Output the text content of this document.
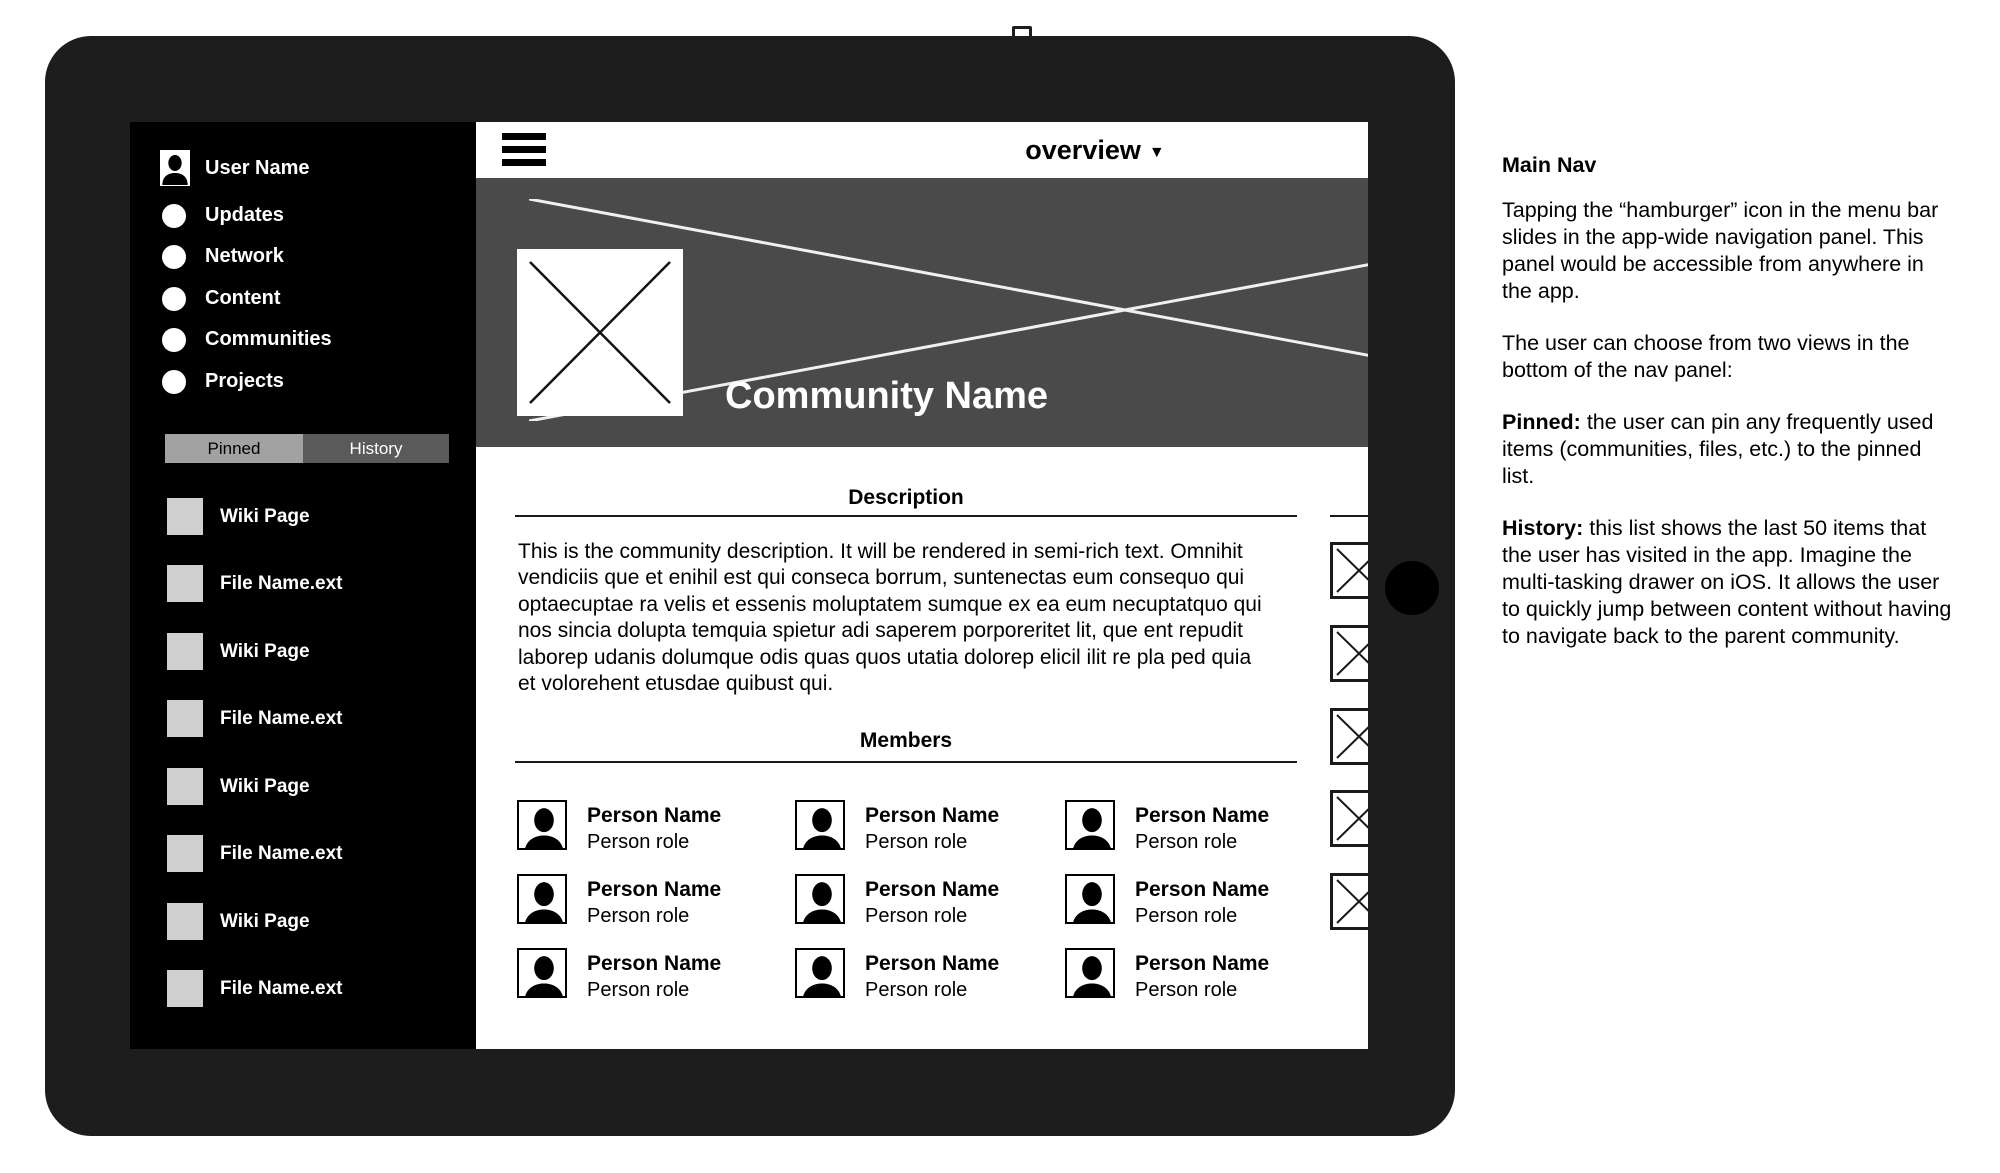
User Name
Updates
Network
Content
Communities
Projects
Pinned	History
Wiki Page
File Name.ext
Wiki Page
File Name.ext
Wiki Page
File Name.ext
Wiki Page
File Name.ext
overview ▼
Community Name
Description
This is the community description. It will be rendered in semi-rich text. Omnihit
vendiciis que et enihil est qui conseca borrum, suntenectas eum consequo qui
optaecuptae ra velis et essenis moluptatem sumque ex ea eum necuptatquo qui
nos sincia dolupta temquia spietur adi saperem porporeritet lit, que ent repudit
laborep udanis dolumque odis quas quos utatia dolorep elicil ilit re pla ped quia
et volorehent etusdae quibust qui.
Members
Person Name
Person role
Person Name
Person role
Person Name
Person role
Person Name
Person role
Person Name
Person role
Person Name
Person role
Person Name
Person role
Person Name
Person role
Person Name
Person role
Main Nav
Tapping the “hamburger” icon in the menu bar
slides in the app-wide navigation panel. This
panel would be accessible from anywhere in
the app.
The user can choose from two views in the
bottom of the nav panel:
Pinned: the user can pin any frequently used
items (communities, files, etc.) to the pinned
list.
History: this list shows the last 50 items that
the user has visited in the app. Imagine the
multi-tasking drawer on iOS. It allows the user
to quickly jump between content without having
to navigate back to the parent community.
